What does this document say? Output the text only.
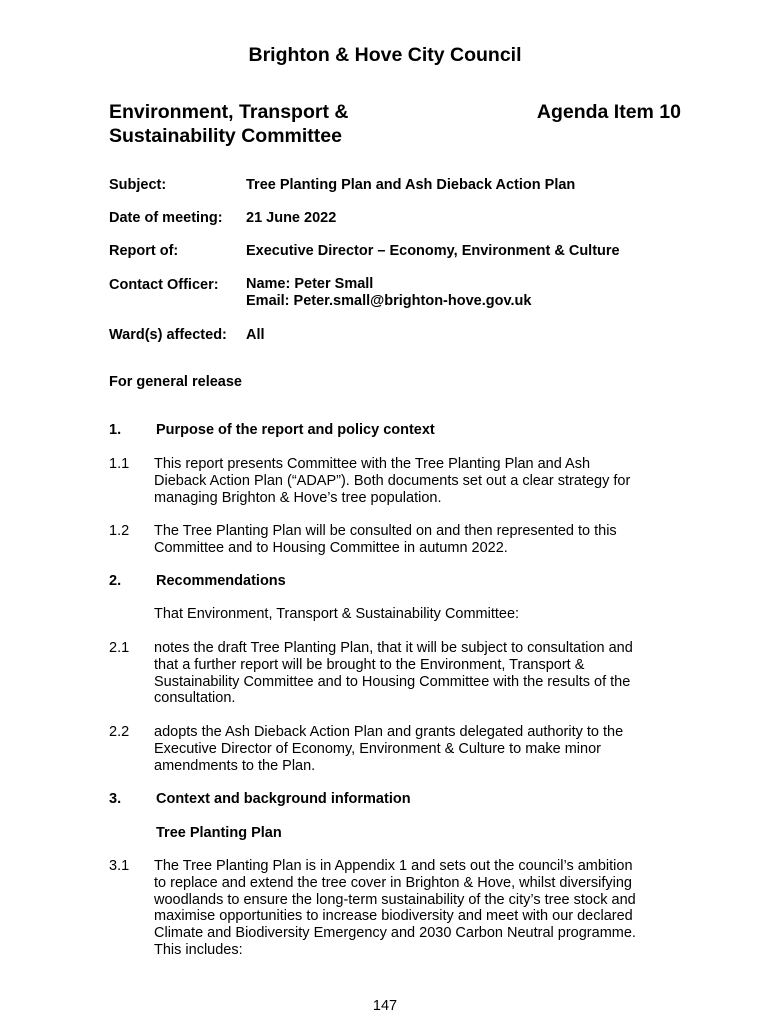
Brighton & Hove City Council
Environment, Transport &
Sustainability Committee
Agenda Item 10
Subject:	Tree Planting Plan and Ash Dieback Action Plan
Date of meeting: 21 June 2022
Report of:	Executive Director – Economy, Environment & Culture
Contact Officer: Name: Peter Small
Email: Peter.small@brighton-hove.gov.uk
Ward(s) affected: All
For general release
1. Purpose of the report and policy context
1.1 This report presents Committee with the Tree Planting Plan and Ash
Dieback Action Plan (“ADAP”). Both documents set out a clear strategy for
managing Brighton & Hove’s tree population.
1.2 The Tree Planting Plan will be consulted on and then represented to this
Committee and to Housing Committee in autumn 2022.
2. Recommendations
That Environment, Transport & Sustainability Committee:
2.1 notes the draft Tree Planting Plan, that it will be subject to consultation and
that a further report will be brought to the Environment, Transport &
Sustainability Committee and to Housing Committee with the results of the
consultation.
2.2 adopts the Ash Dieback Action Plan and grants delegated authority to the
Executive Director of Economy, Environment & Culture to make minor
amendments to the Plan.
3. Context and background information
Tree Planting Plan
3.1 The Tree Planting Plan is in Appendix 1 and sets out the council’s ambition
to replace and extend the tree cover in Brighton & Hove, whilst diversifying
woodlands to ensure the long-term sustainability of the city’s tree stock and
maximise opportunities to increase biodiversity and meet with our declared
Climate and Biodiversity Emergency and 2030 Carbon Neutral programme.
This includes:
147
